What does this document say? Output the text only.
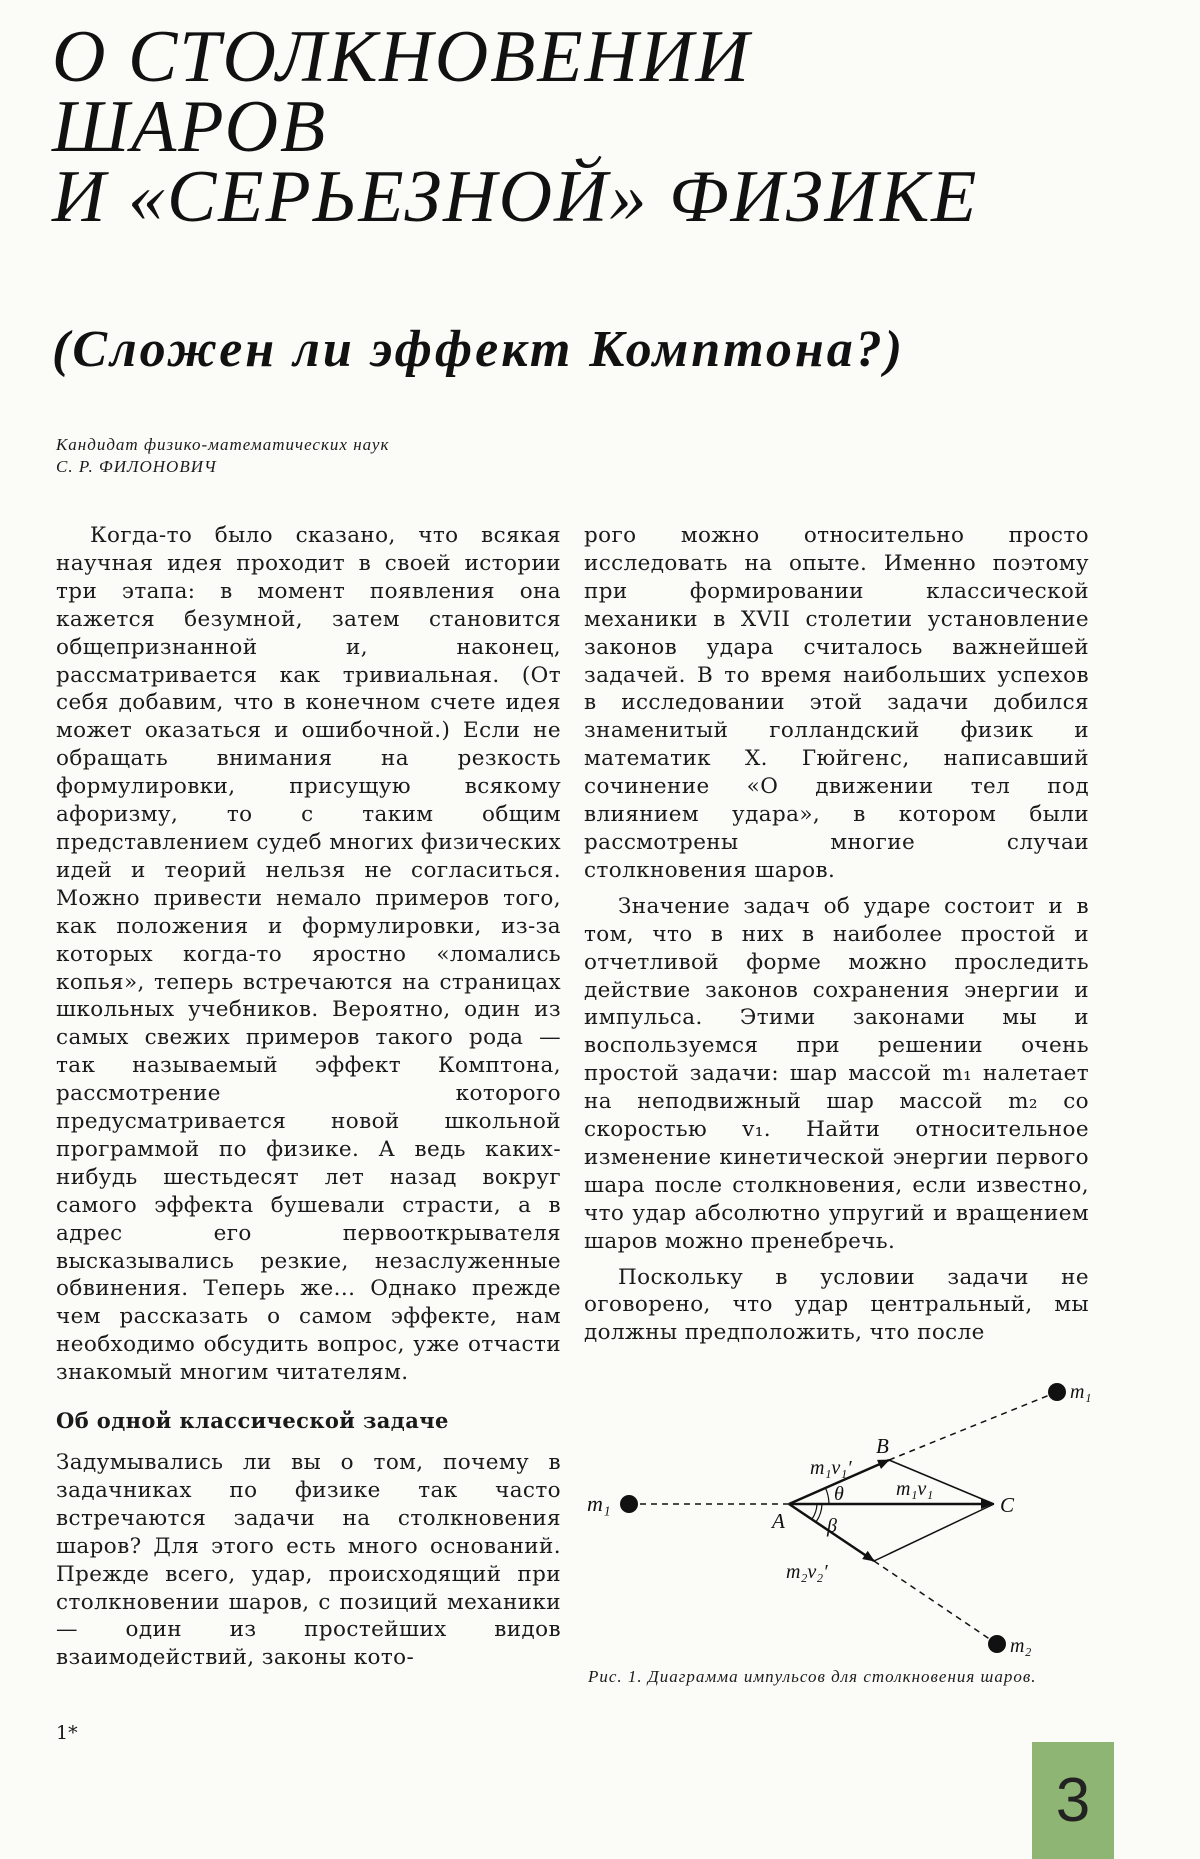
О СТОЛКНОВЕНИИ
ШАРОВ
И «СЕРЬЕЗНОЙ» ФИЗИКЕ
(Сложен ли эффект Комптона?)
Кандидат физико-математических наук
С. Р. ФИЛОНОВИЧ

Когда-то было сказано, что всякая научная идея проходит в своей истории три этапа: в момент появления она кажется безумной, затем становится общепризнанной и, наконец, рассматривается как тривиальная. (От себя добавим, что в конечном счете идея может оказаться и ошибочной.) Если не обращать внимания на резкость формулировки, присущую всякому афоризму, то с таким общим представлением судеб многих физических идей и теорий нельзя не согласиться. Можно привести немало примеров того, как положения и формулировки, из-за которых когда-то яростно «ломались копья», теперь встречаются на страницах школьных учебников. Вероятно, один из самых свежих примеров такого рода — так называемый эффект Комптона, рассмотрение которого предусматривается новой школьной программой по физике. А ведь каких-нибудь шестьдесят лет назад вокруг самого эффекта бушевали страсти, а в адрес его первооткрывателя высказывались резкие, незаслуженные обвинения. Теперь же... Однако прежде чем рассказать о самом эффекте, нам необходимо обсудить вопрос, уже отчасти знакомый многим читателям.

Об одной классической задаче

Задумывались ли вы о том, почему в задачниках по физике так часто встречаются задачи на столкновения шаров? Для этого есть много оснований. Прежде всего, удар, происходящий при столкновении шаров, с позиций механики — один из простейших видов взаимодействий, законы кото-

рого можно относительно просто исследовать на опыте. Именно поэтому при формировании классической механики в XVII столетии установление законов удара считалось важнейшей задачей. В то время наибольших успехов в исследовании этой задачи добился знаменитый голландский физик и математик Х. Гюйгенс, написавший сочинение «О движении тел под влиянием удара», в котором были рассмотрены многие случаи столкновения шаров.

Значение задач об ударе состоит и в том, что в них в наиболее простой и отчетливой форме можно проследить действие законов сохранения энергии и импульса. Этими законами мы и воспользуемся при решении очень простой задачи: шар массой m₁ налетает на неподвижный шар массой m₂ со скоростью v₁. Найти относительное изменение кинетической энергии первого шара после столкновения, если известно, что удар абсолютно упругий и вращением шаров можно пренебречь.

Поскольку в условии задачи не оговорено, что удар центральный, мы должны предположить, что после

m₁
m₁
m₂
A
B
C
θ
β
m₁v₁′
m₁v₁
m₂v₂′
Рис. 1. Диаграмма импульсов для столкновения шаров.
1*
3
